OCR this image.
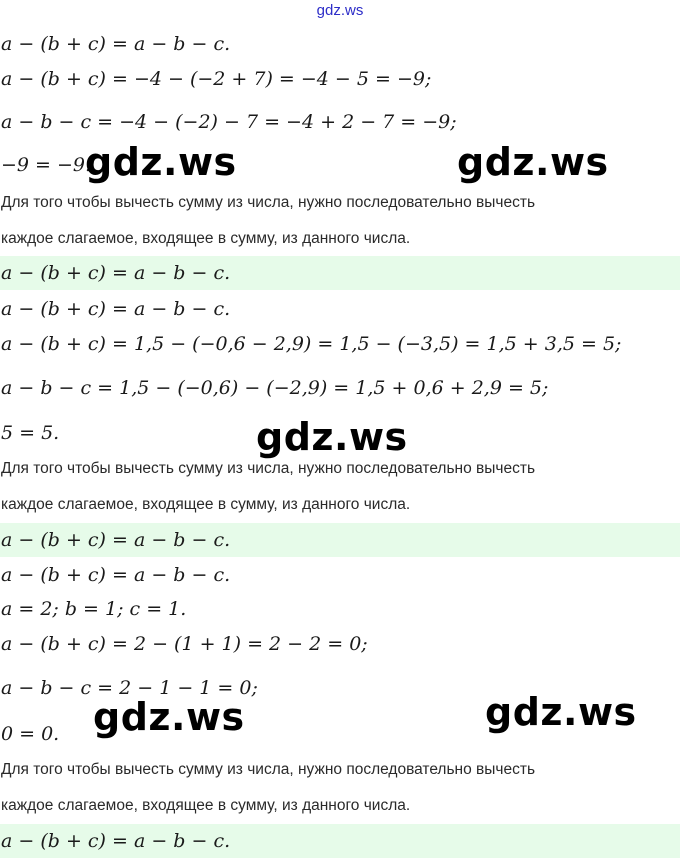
gdz.ws
a − (b + c) = a − b − c.
a − (b + c) = −4 − (−2 + 7) = −4 − 5 = −9;
a − b − c = −4 − (−2) − 7 = −4 + 2 − 7 = −9;
−9 = −9.
Для того чтобы вычесть сумму из числа, нужно последовательно вычесть
каждое слагаемое, входящее в сумму, из данного числа.
a − (b + c) = a − b − c.
a − (b + c) = a − b − c.
a − (b + c) = 1,5 − (−0,6 − 2,9) = 1,5 − (−3,5) = 1,5 + 3,5 = 5;
a − b − c = 1,5 − (−0,6) − (−2,9) = 1,5 + 0,6 + 2,9 = 5;
5 = 5.
Для того чтобы вычесть сумму из числа, нужно последовательно вычесть
каждое слагаемое, входящее в сумму, из данного числа.
a − (b + c) = a − b − c.
a − (b + c) = a − b − c.
a = 2; b = 1; c = 1.
a − (b + c) = 2 − (1 + 1) = 2 − 2 = 0;
a − b − c = 2 − 1 − 1 = 0;
0 = 0.
Для того чтобы вычесть сумму из числа, нужно последовательно вычесть
каждое слагаемое, входящее в сумму, из данного числа.
a − (b + c) = a − b − c.
gdz.ws	gdz.ws
gdz.ws
gdz.ws	gdz.ws
